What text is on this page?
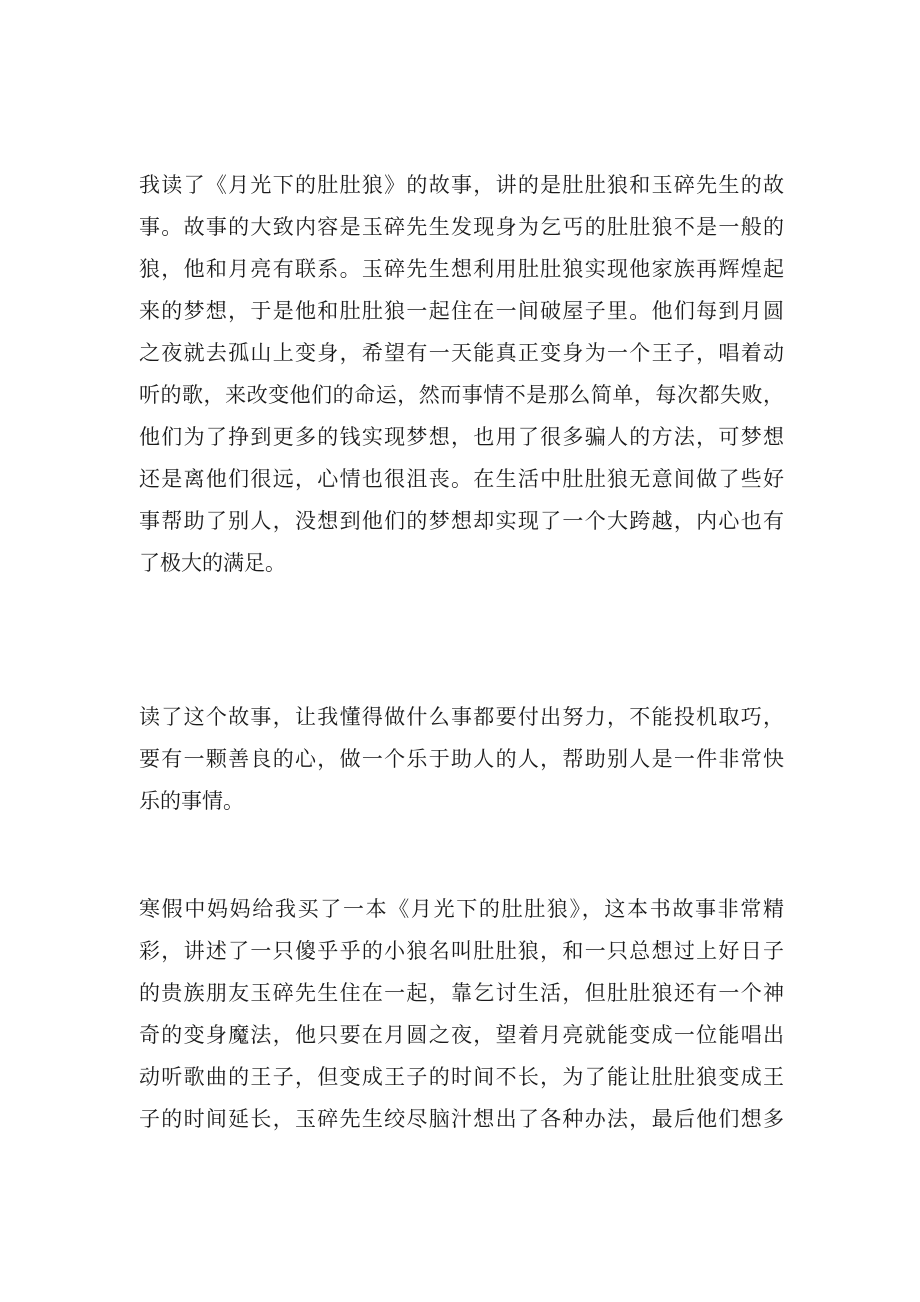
我读了《月光下的肚肚狼》的故事，讲的是肚肚狼和玉碎先生的故
事。故事的大致内容是玉碎先生发现身为乞丐的肚肚狼不是一般的
狼，他和月亮有联系。玉碎先生想利用肚肚狼实现他家族再辉煌起
来的梦想，于是他和肚肚狼一起住在一间破屋子里。他们每到月圆
之夜就去孤山上变身，希望有一天能真正变身为一个王子，唱着动
听的歌，来改变他们的命运，然而事情不是那么简单，每次都失败，
他们为了挣到更多的钱实现梦想，也用了很多骗人的方法，可梦想
还是离他们很远，心情也很沮丧。在生活中肚肚狼无意间做了些好
事帮助了别人，没想到他们的梦想却实现了一个大跨越，内心也有
了极大的满足。

读了这个故事，让我懂得做什么事都要付出努力，不能投机取巧，
要有一颗善良的心，做一个乐于助人的人，帮助别人是一件非常快
乐的事情。

寒假中妈妈给我买了一本《月光下的肚肚狼》，这本书故事非常精
彩，讲述了一只傻乎乎的小狼名叫肚肚狼，和一只总想过上好日子
的贵族朋友玉碎先生住在一起，靠乞讨生活，但肚肚狼还有一个神
奇的变身魔法，他只要在月圆之夜，望着月亮就能变成一位能唱出
动听歌曲的王子，但变成王子的时间不长，为了能让肚肚狼变成王
子的时间延长，玉碎先生绞尽脑汁想出了各种办法，最后他们想多
